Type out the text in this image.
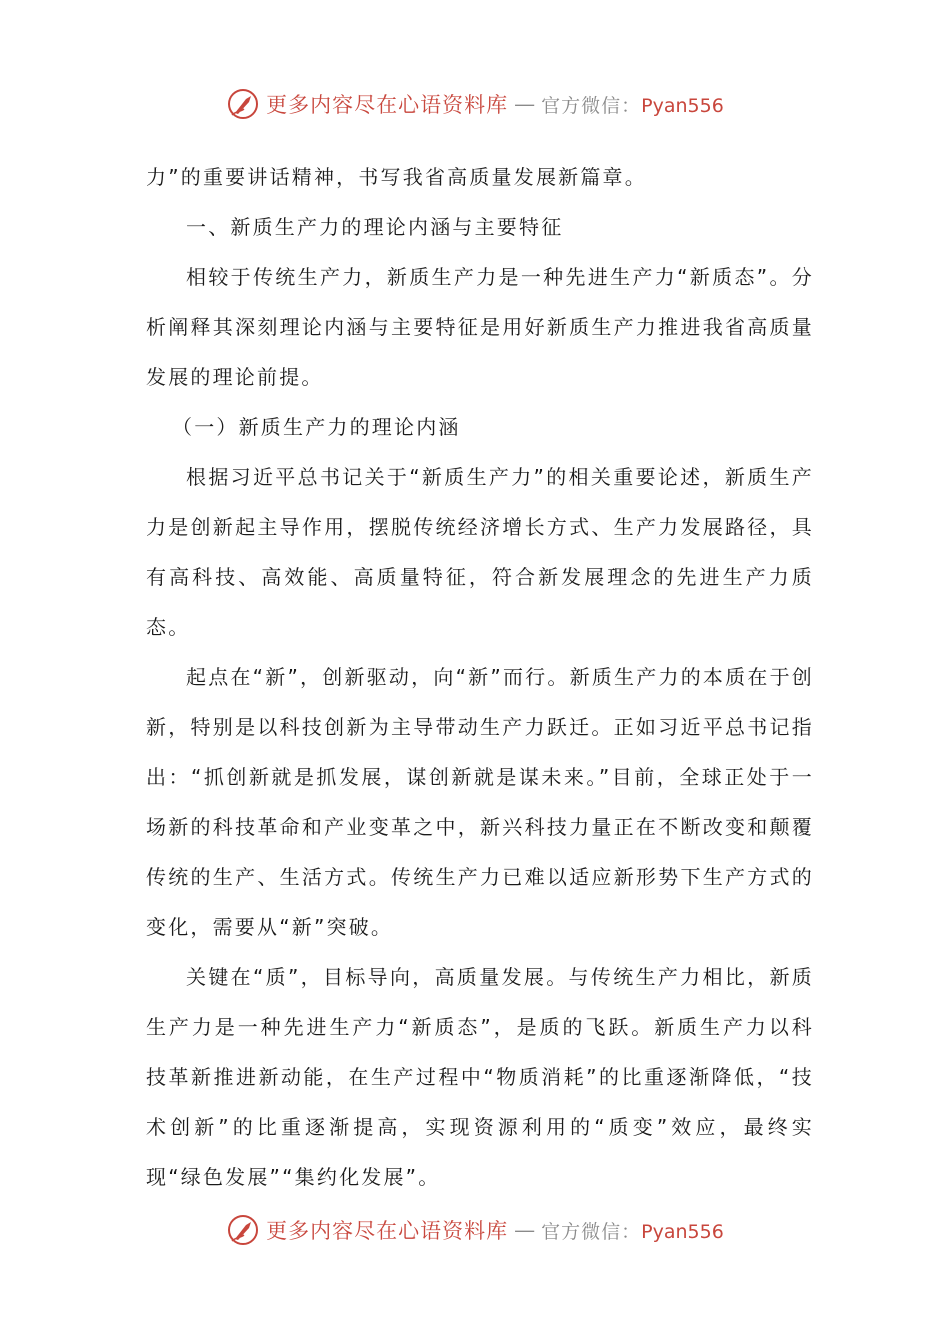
更多内容尽在心语资料库 — 官方微信：Pyan556

力”的重要讲话精神，书写我省高质量发展新篇章。

一、新质生产力的理论内涵与主要特征

相较于传统生产力，新质生产力是一种先进生产力“新质态”。分析阐释其深刻理论内涵与主要特征是用好新质生产力推进我省高质量发展的理论前提。

（一）新质生产力的理论内涵

根据习近平总书记关于“新质生产力”的相关重要论述，新质生产力是创新起主导作用，摆脱传统经济增长方式、生产力发展路径，具有高科技、高效能、高质量特征，符合新发展理念的先进生产力质态。

起点在“新”，创新驱动，向“新”而行。新质生产力的本质在于创新，特别是以科技创新为主导带动生产力跃迁。正如习近平总书记指出：“抓创新就是抓发展，谋创新就是谋未来。”目前，全球正处于一场新的科技革命和产业变革之中，新兴科技力量正在不断改变和颠覆传统的生产、生活方式。传统生产力已难以适应新形势下生产方式的变化，需要从“新”突破。

关键在“质”，目标导向，高质量发展。与传统生产力相比，新质生产力是一种先进生产力“新质态”，是质的飞跃。新质生产力以科技革新推进新动能，在生产过程中“物质消耗”的比重逐渐降低，“技术创新”的比重逐渐提高，实现资源利用的“质变”效应，最终实现“绿色发展”“集约化发展”。

更多内容尽在心语资料库 — 官方微信：Pyan556
